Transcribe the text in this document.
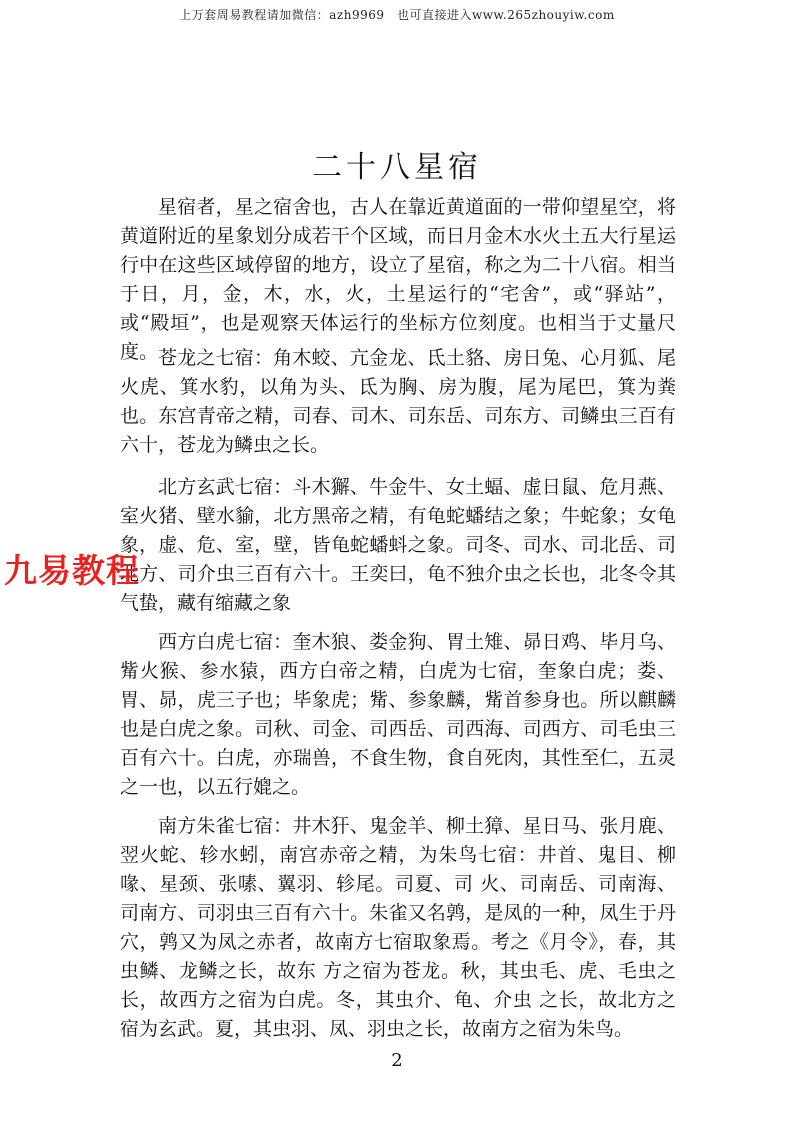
上万套周易教程请加微信：azh9969　也可直接进入www.265zhouyiw.com
二十八星宿

星宿者，星之宿舍也，古人在靠近黄道面的一带仰望星空，将黄道附近的星象划分成若干个区域，而日月金木水火土五大行星运行中在这些区域停留的地方，设立了星宿，称之为二十八宿。相当于日，月，金，木，水，火，土星运行的“宅舍”，或“驿站”，或“殿垣”，也是观察天体运行的坐标方位刻度。也相当于丈量尺度。 苍龙之七宿：角木蛟、亢金龙、氐土貉、房日兔、心月狐、尾火虎、箕水豹，以角为头、氐为胸、房为腹，尾为尾巴，箕为粪也。东宫青帝之精，司春、司木、司东岳、司东方、司鳞虫三百有六十，苍龙为鳞虫之长。

北方玄武七宿：斗木獬、牛金牛、女土蝠、虚日鼠、危月燕、室火猪、壁水貐，北方黑帝之精，有龟蛇蟠结之象；牛蛇象；女龟象，虚、危、室，壁，皆龟蛇蟠蚪之象。司冬、司水、司北岳、司北方、司介虫三百有六十。王奕曰，龟不独介虫之长也，北冬令其气蛰，藏有缩藏之象

西方白虎七宿：奎木狼、娄金狗、胃土雉、昴日鸡、毕月乌、觜火猴、参水猿，西方白帝之精，白虎为七宿，奎象白虎；娄、胃、昴，虎三子也；毕象虎；觜、参象麟，觜首参身也。所以麒麟也是白虎之象。司秋、司金、司西岳、司西海、司西方、司毛虫三百有六十。白虎，亦瑞兽，不食生物，食自死肉，其性至仁，五灵之一也，以五行媲之。

南方朱雀七宿：井木犴、鬼金羊、柳土獐、星日马、张月鹿、翌火蛇、轸水蚓，南宫赤帝之精，为朱鸟七宿：井首、鬼目、柳喙、星颈、张嗉、翼羽、轸尾。司夏、司 火、司南岳、司南海、司南方、司羽虫三百有六十。朱雀又名鹑，是凤的一种，凤生于丹 穴，鹑又为凤之赤者，故南方七宿取象焉。考之《月令》，春，其虫鳞、龙鳞之长，故东 方之宿为苍龙。秋，其虫毛、虎、毛虫之长，故西方之宿为白虎。冬，其虫介、龟、介虫 之长，故北方之宿为玄武。夏，其虫羽、凤、羽虫之长，故南方之宿为朱鸟。

九易教程
2
